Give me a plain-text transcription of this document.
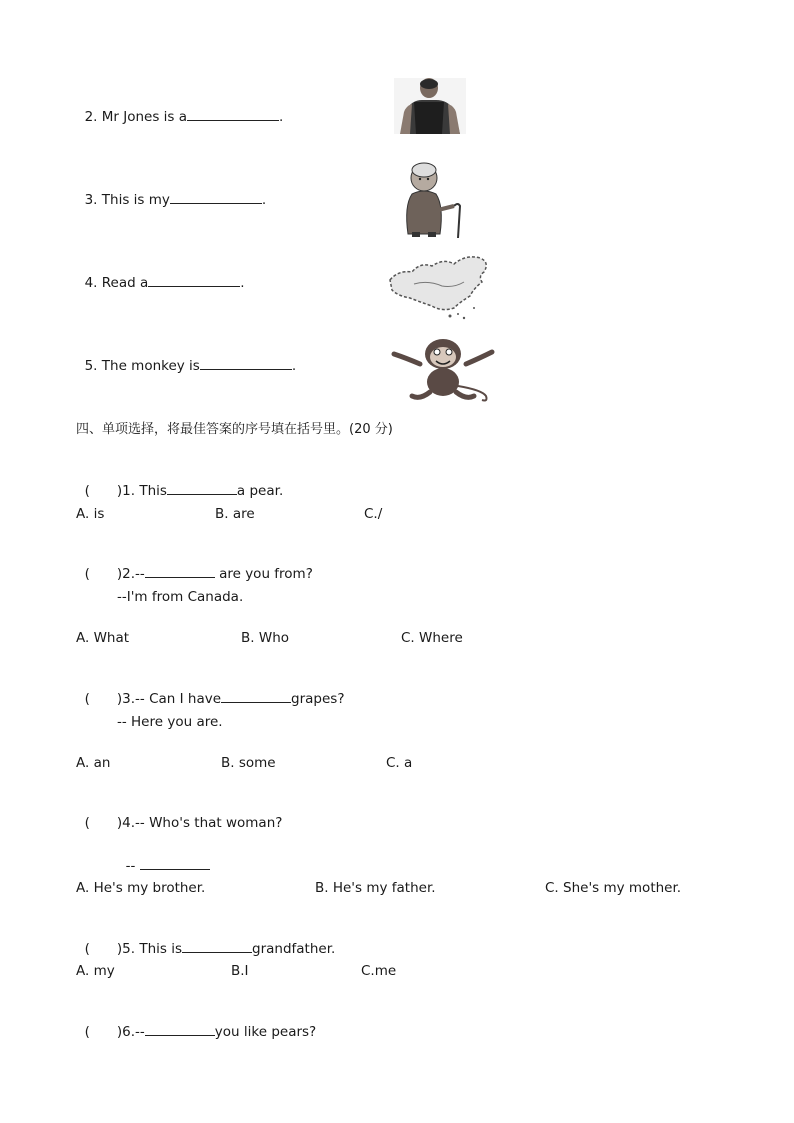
2. Mr Jones is a	.

3. This is my	.

4. Read a	.

5. The monkey is	.

四、单项选择，将最佳答案的序号填在括号里。(20 分)

( )1. This	a pear.

A. is	B. are	C./

( )2.--	are you from?

--I'm from Canada.
A. What	B. Who	C. Where

( )3.-- Can I have	grapes?

-- Here you are.
A. an	B. some	C. a

( )4.-- Who's that woman?

--

A. He's my brother.	B. He's my father.	C. She's my mother.

( )5. This is	grandfather.

A. my	B.I	C.me

( )6.--	you like pears?
